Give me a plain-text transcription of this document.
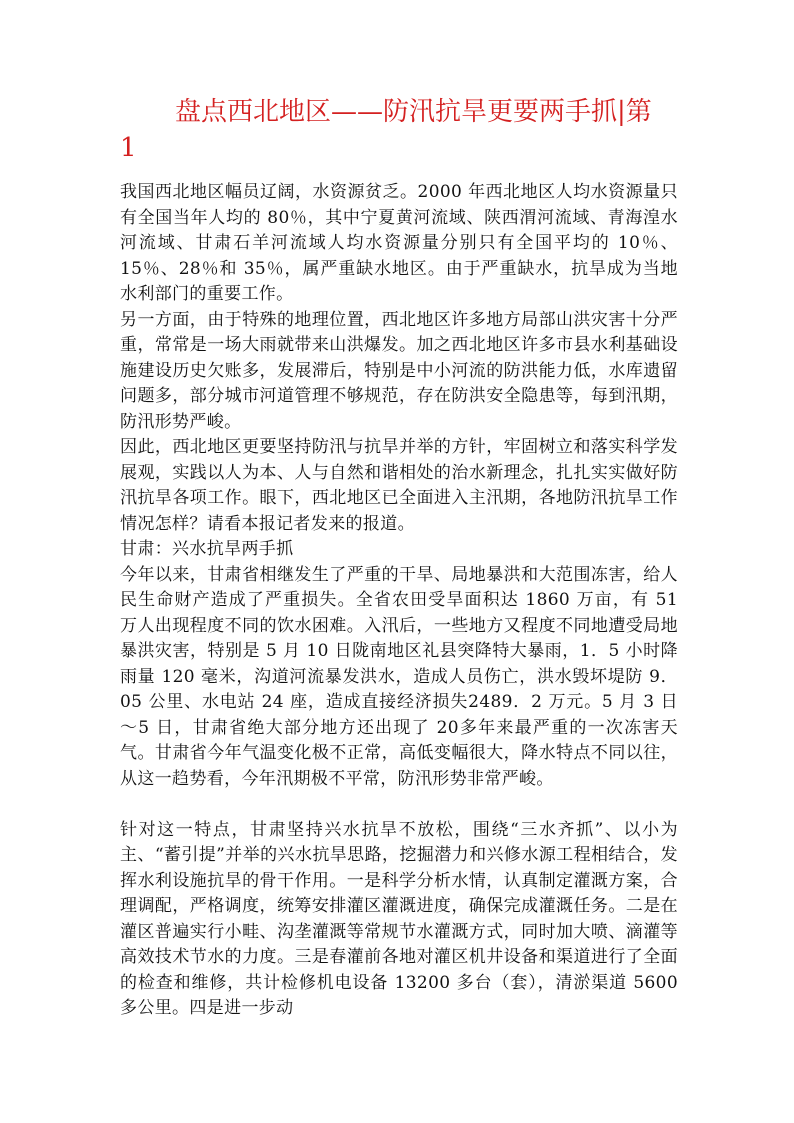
盘点西北地区——防汛抗旱更要两手抓|第
1

我国西北地区幅员辽阔，水资源贫乏。2000 年西北地区人均水资源量只有全国当年人均的 80％，其中宁夏黄河流域、陕西渭河流域、青海湟水河流域、甘肃石羊河流域人均水资源量分别只有全国平均的 10％、15％、28％和 35％，属严重缺水地区。由于严重缺水，抗旱成为当地水利部门的重要工作。

另一方面，由于特殊的地理位置，西北地区许多地方局部山洪灾害十分严重，常常是一场大雨就带来山洪爆发。加之西北地区许多市县水利基础设施建设历史欠账多，发展滞后，特别是中小河流的防洪能力低，水库遗留问题多，部分城市河道管理不够规范，存在防洪安全隐患等，每到汛期，防汛形势严峻。

因此，西北地区更要坚持防汛与抗旱并举的方针，牢固树立和落实科学发展观，实践以人为本、人与自然和谐相处的治水新理念，扎扎实实做好防汛抗旱各项工作。眼下，西北地区已全面进入主汛期，各地防汛抗旱工作情况怎样？请看本报记者发来的报道。

甘肃：兴水抗旱两手抓

今年以来，甘肃省相继发生了严重的干旱、局地暴洪和大范围冻害，给人民生命财产造成了严重损失。全省农田受旱面积达 1860 万亩，有 51 万人出现程度不同的饮水困难。入汛后，一些地方又程度不同地遭受局地暴洪灾害，特别是 5 月 10 日陇南地区礼县突降特大暴雨，1．5 小时降雨量 120 毫米，沟道河流暴发洪水，造成人员伤亡，洪水毁坏堤防 9．05 公里、水电站 24 座，造成直接经济损失2489．2 万元。5 月 3 日～5 日，甘肃省绝大部分地方还出现了 20多年来最严重的一次冻害天气。甘肃省今年气温变化极不正常，高低变幅很大，降水特点不同以往，从这一趋势看，今年汛期极不平常，防汛形势非常严峻。

针对这一特点，甘肃坚持兴水抗旱不放松，围绕“三水齐抓”、以小为主、“蓄引提”并举的兴水抗旱思路，挖掘潜力和兴修水源工程相结合，发挥水利设施抗旱的骨干作用。一是科学分析水情，认真制定灌溉方案，合理调配，严格调度，统筹安排灌区灌溉进度，确保完成灌溉任务。二是在灌区普遍实行小畦、沟垄灌溉等常规节水灌溉方式，同时加大喷、滴灌等高效技术节水的力度。三是春灌前各地对灌区机井设备和渠道进行了全面的检查和维修，共计检修机电设备 13200 多台（套），清淤渠道 5600 多公里。四是进一步动
